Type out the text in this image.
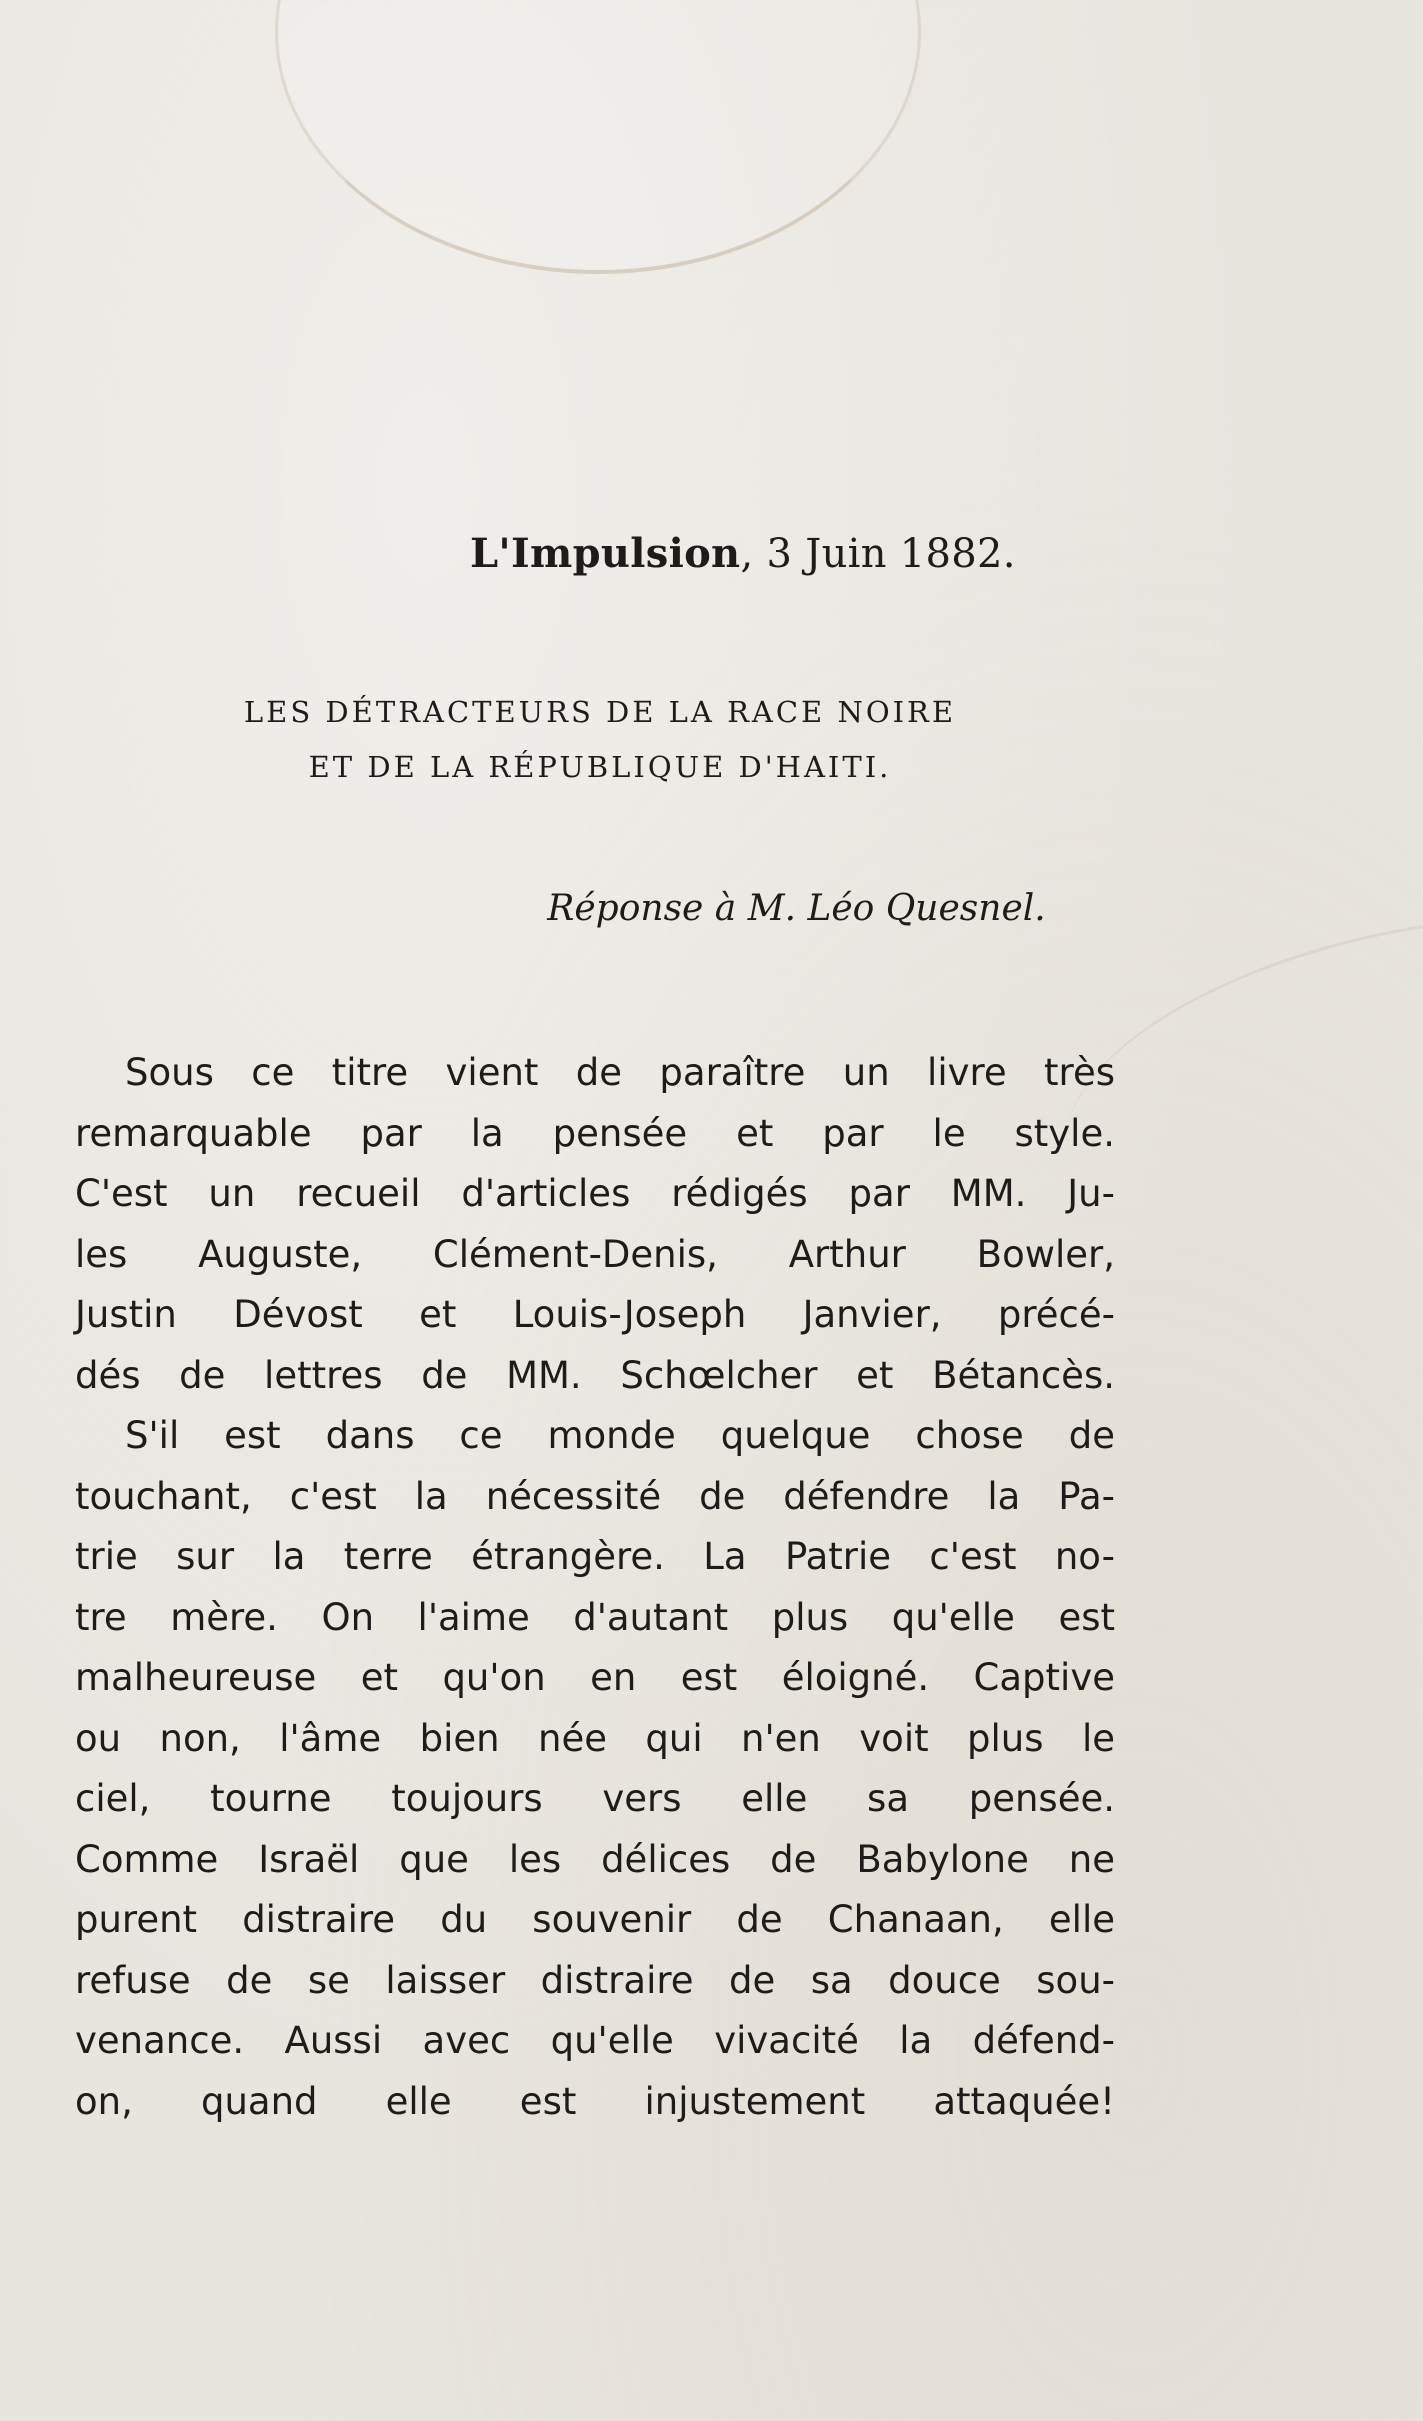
L'Impulsion, 3 Juin 1882.
LES DÉTRACTEURS DE LA RACE NOIRE
ET DE LA RÉPUBLIQUE D'HAITI.
Réponse à M. Léo Quesnel.
Sous ce titre vient de paraître un livre très
remarquable par la pensée et par le style.
C'est un recueil d'articles rédigés par MM. Ju-
les Auguste, Clément-Denis, Arthur Bowler,
Justin Dévost et Louis-Joseph Janvier, précé-
dés de lettres de MM. Schœlcher et Bétancès.
S'il est dans ce monde quelque chose de
touchant, c'est la nécessité de défendre la Pa-
trie sur la terre étrangère. La Patrie c'est no-
tre mère. On l'aime d'autant plus qu'elle est
malheureuse et qu'on en est éloigné. Captive
ou non, l'âme bien née qui n'en voit plus le
ciel, tourne toujours vers elle sa pensée.
Comme Israël que les délices de Babylone ne
purent distraire du souvenir de Chanaan, elle
refuse de se laisser distraire de sa douce sou-
venance. Aussi avec qu'elle vivacité la défend-
on, quand elle est injustement attaquée!
